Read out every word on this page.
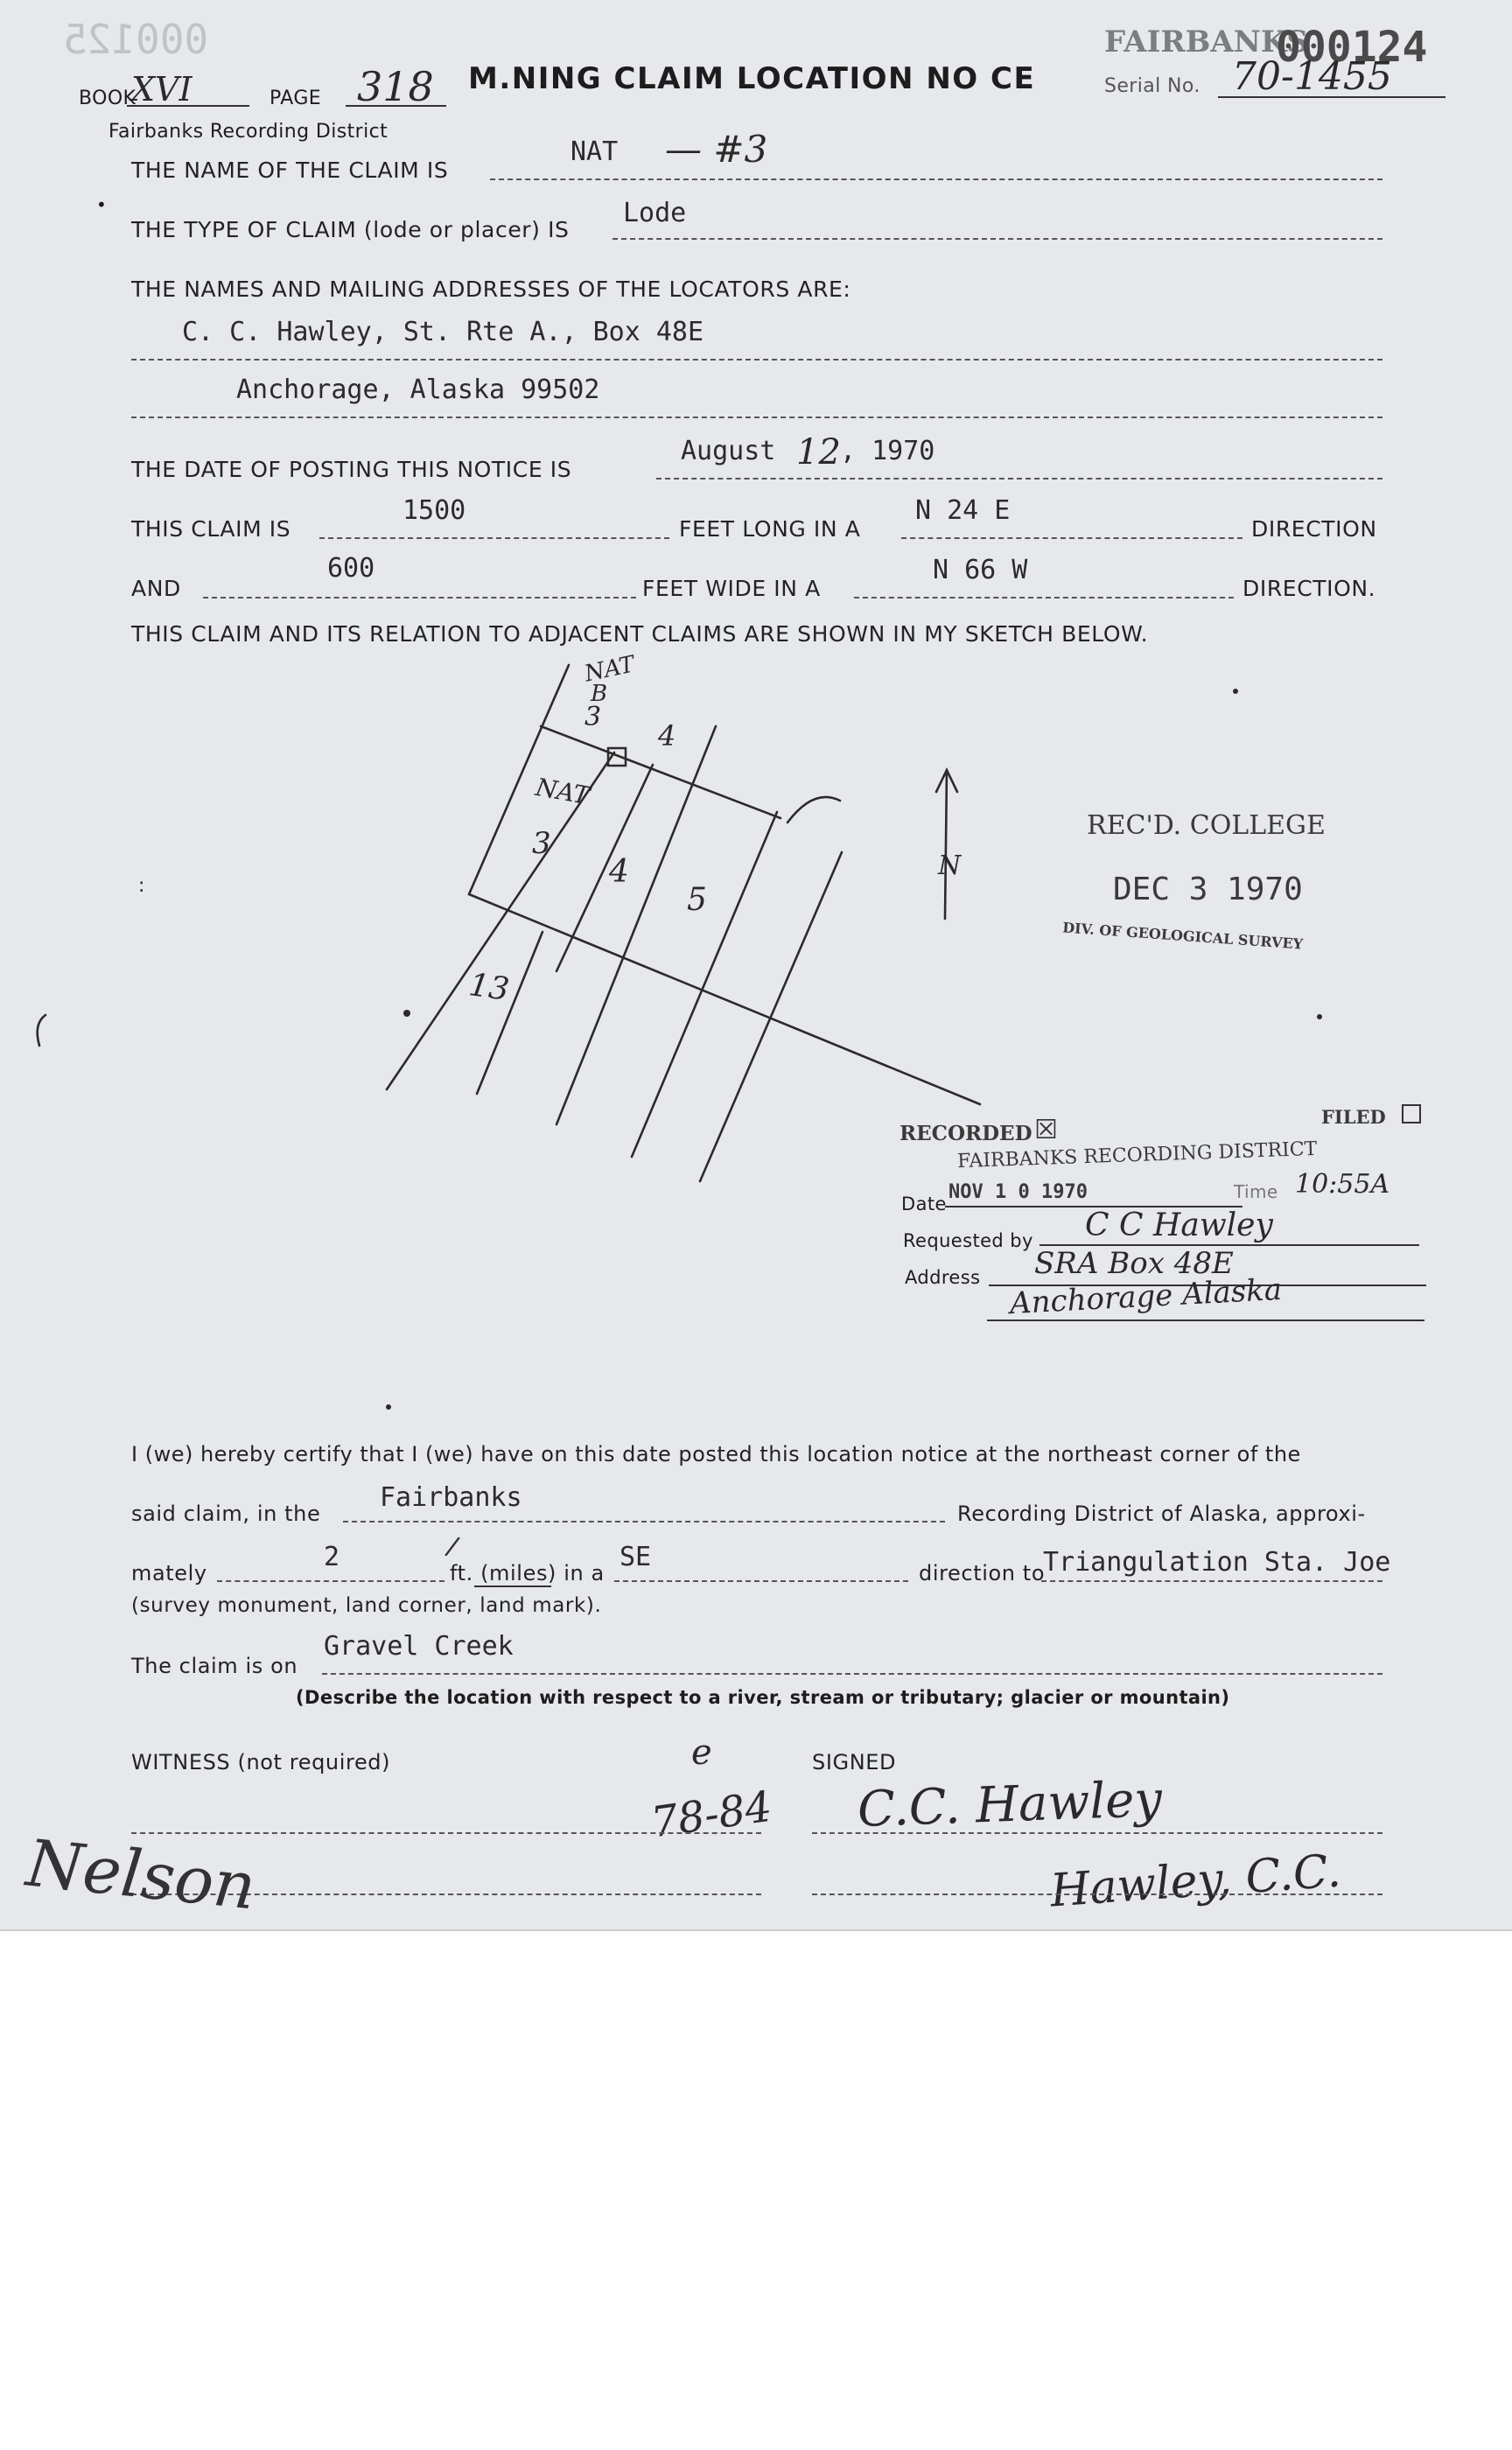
000125
BOOK
XVI	PAGE 318 M.NING CLAIM LOCATION NO CE
Fairbanks Recording District
FAIRBANKS
000124
Serial No. 70-1455
THE NAME OF THE CLAIM IS
NAT — #3
THE TYPE OF CLAIM (lode or placer) IS
Lode
THE NAMES AND MAILING ADDRESSES OF THE LOCATORS ARE:
C. C. Hawley, St. Rte A., Box 48E
Anchorage, Alaska 99502
THE DATE OF POSTING THIS NOTICE IS
August 12 , 1970
THIS CLAIM IS
1500
FEET LONG IN A
N 24 E
DIRECTION
AND
600
FEET WIDE IN A
N 66 W
DIRECTION.
THIS CLAIM AND ITS RELATION TO ADJACENT CLAIMS ARE SHOWN IN MY SKETCH BELOW.
NAT
B
3
4
NAT
3
4
5
13
N
REC'D. COLLEGE
DEC 3 1970
DIV. OF GEOLOGICAL SURVEY
RECORDED ☒	FILED
FAIRBANKS RECORDING DISTRICT
Date
NOV 1 0 1970	Time 10:55A
Requested by C C Hawley
Address SRA Box 48E
Anchorage Alaska
I (we) hereby certify that I (we) have on this date posted this location notice at the northeast corner of the
said claim, in the
Fairbanks
Recording District of Alaska, approxi-
mately
2
ft. (miles) in a
/	SE
direction to
Triangulation Sta. Joe
(survey monument, land corner, land mark).
The claim is on
Gravel Creek
(Describe the location with respect to a river, stream or tributary; glacier or mountain)
WITNESS (not required)	SIGNED
e
78-84 C.C. Hawley
Hawley, C.C.
Nelson
•
:
